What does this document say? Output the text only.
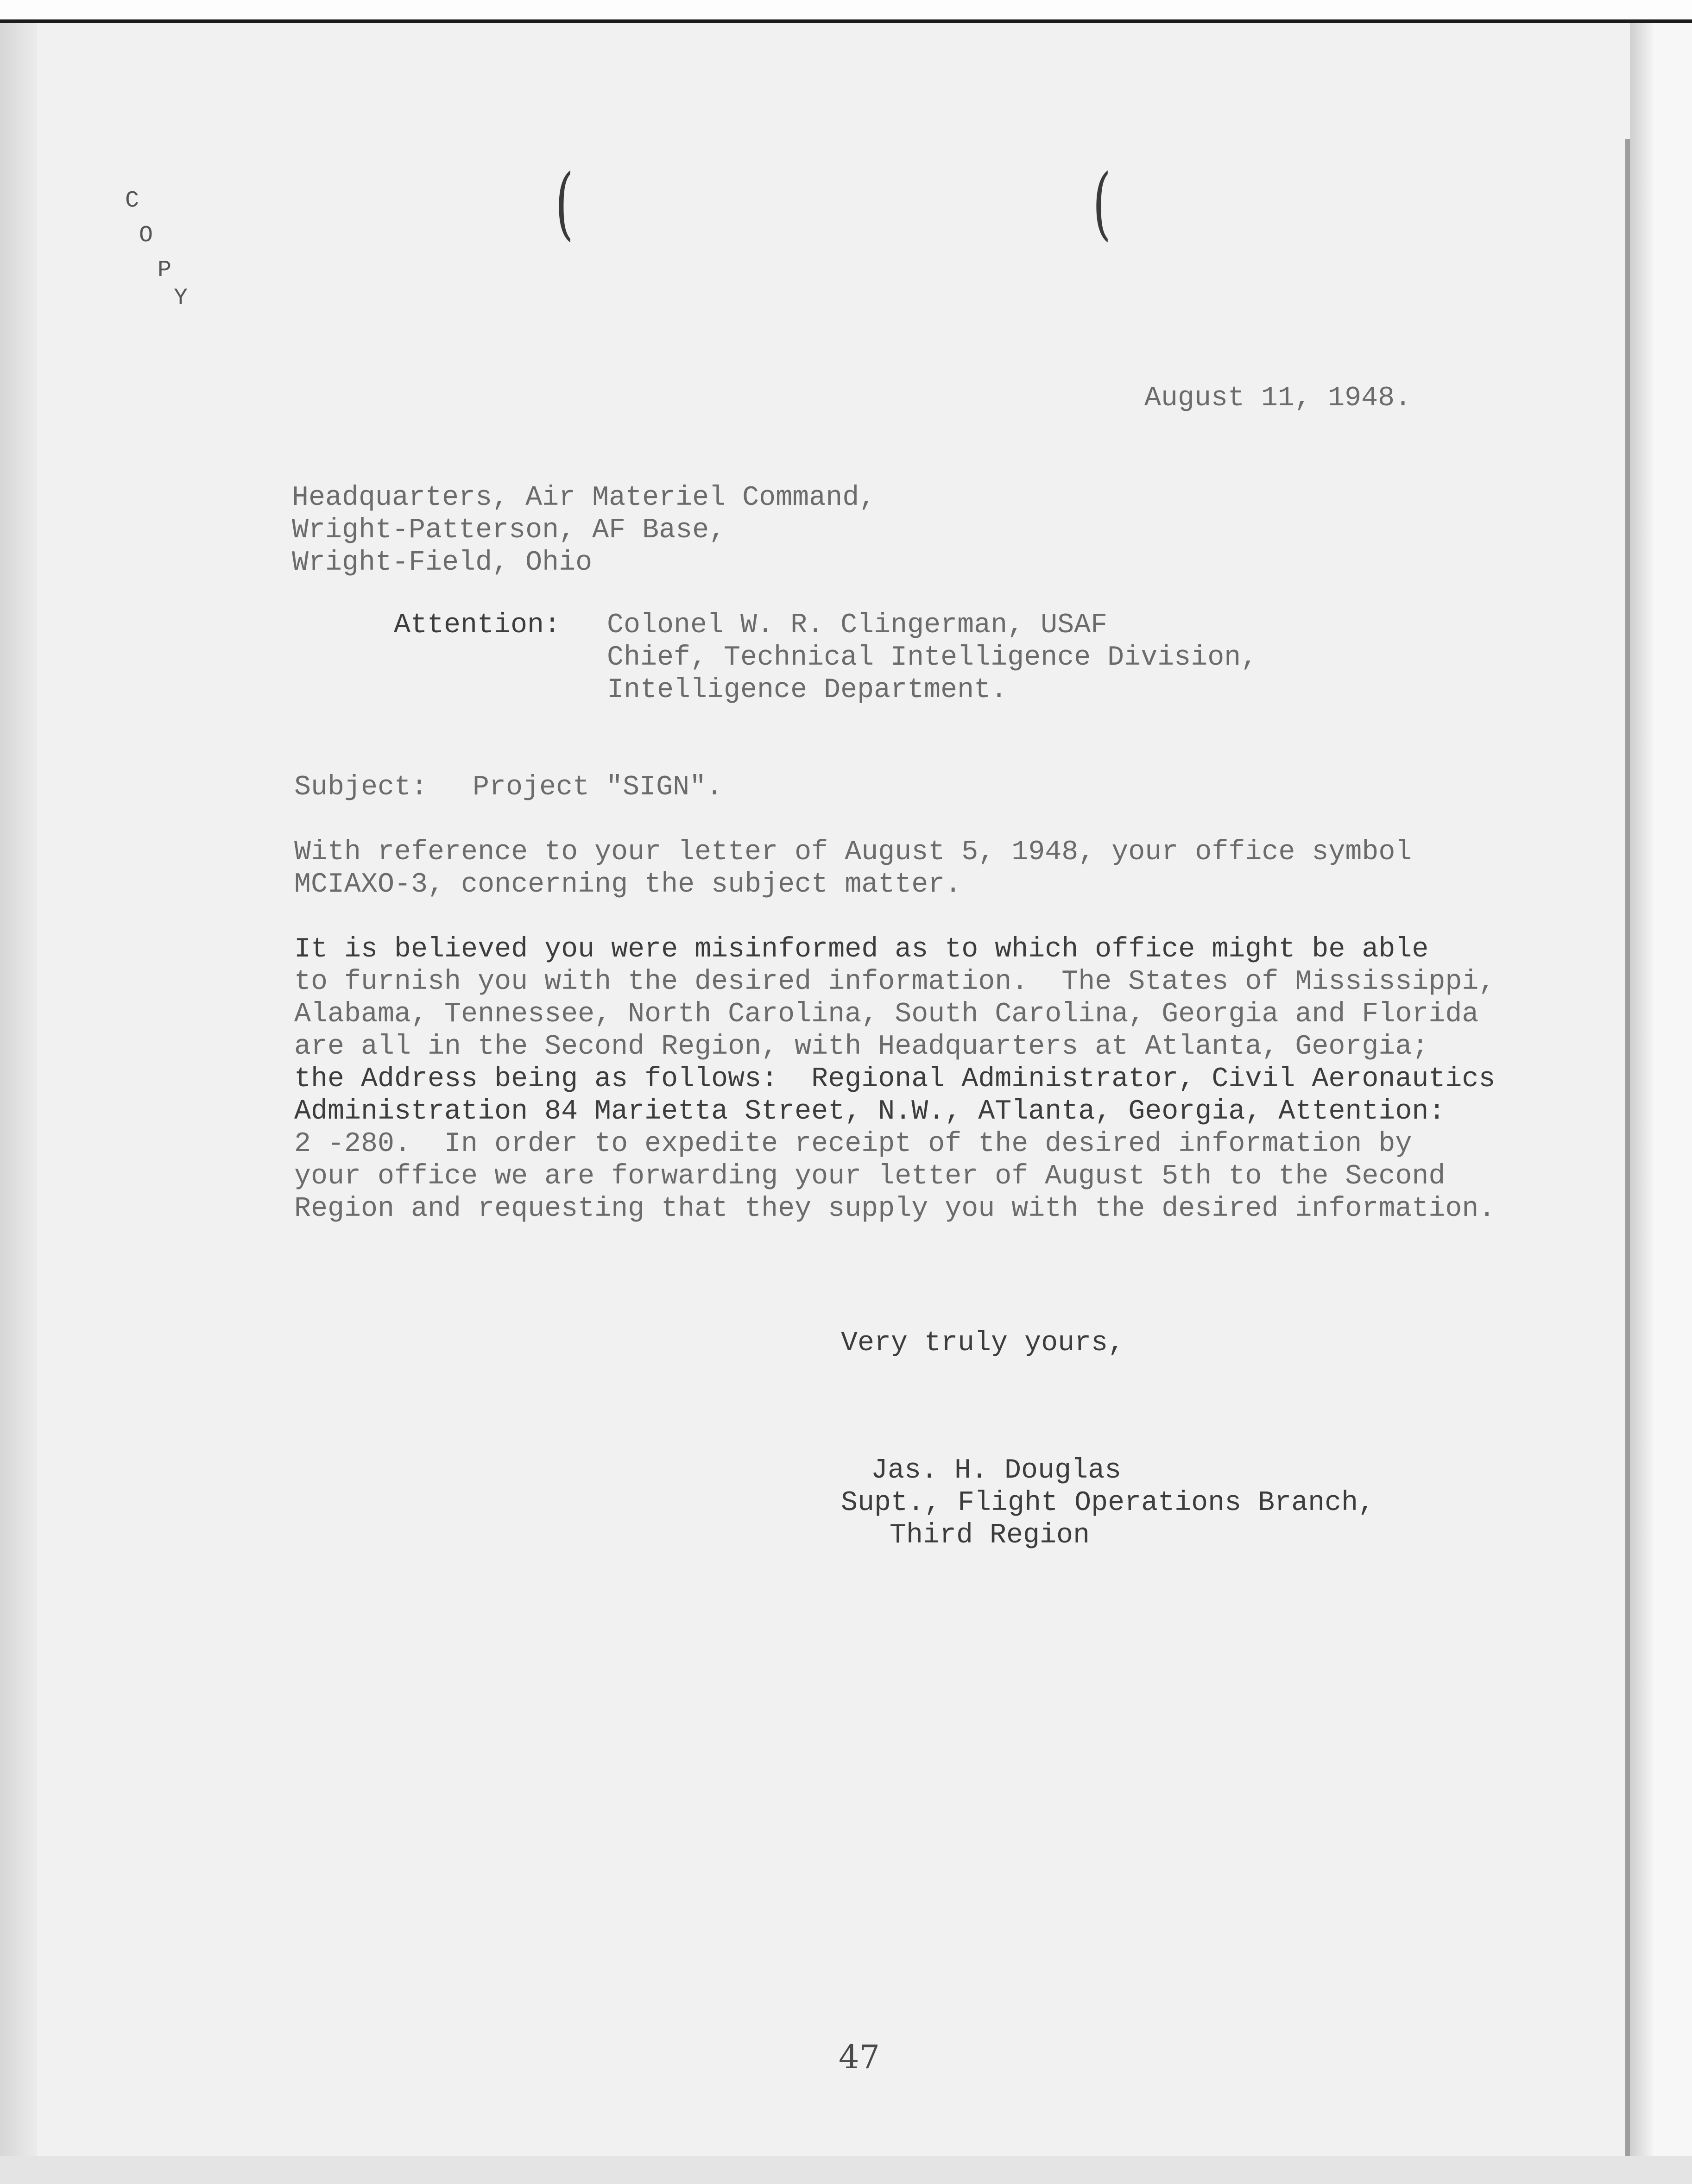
C
O
P
Y
(	(
August 11, 1948.
Headquarters, Air Materiel Command,
Wright-Patterson, AF Base,
Wright-Field, Ohio
Attention: Colonel W. R. Clingerman, USAF
Chief, Technical Intelligence Division,
Intelligence Department.
Subject: Project "SIGN".
With reference to your letter of August 5, 1948, your office symbol
MCIAXO-3, concerning the subject matter.
It is believed you were misinformed as to which office might be able
to furnish you with the desired information.  The States of Mississippi,
Alabama, Tennessee, North Carolina, South Carolina, Georgia and Florida
are all in the Second Region, with Headquarters at Atlanta, Georgia;
the Address being as follows:  Regional Administrator, Civil Aeronautics
Administration 84 Marietta Street, N.W., ATlanta, Georgia, Attention:
2 -280.  In order to expedite receipt of the desired information by
your office we are forwarding your letter of August 5th to the Second
Region and requesting that they supply you with the desired information.
Very truly yours,
Jas. H. Douglas
Supt., Flight Operations Branch,
Third Region
47
